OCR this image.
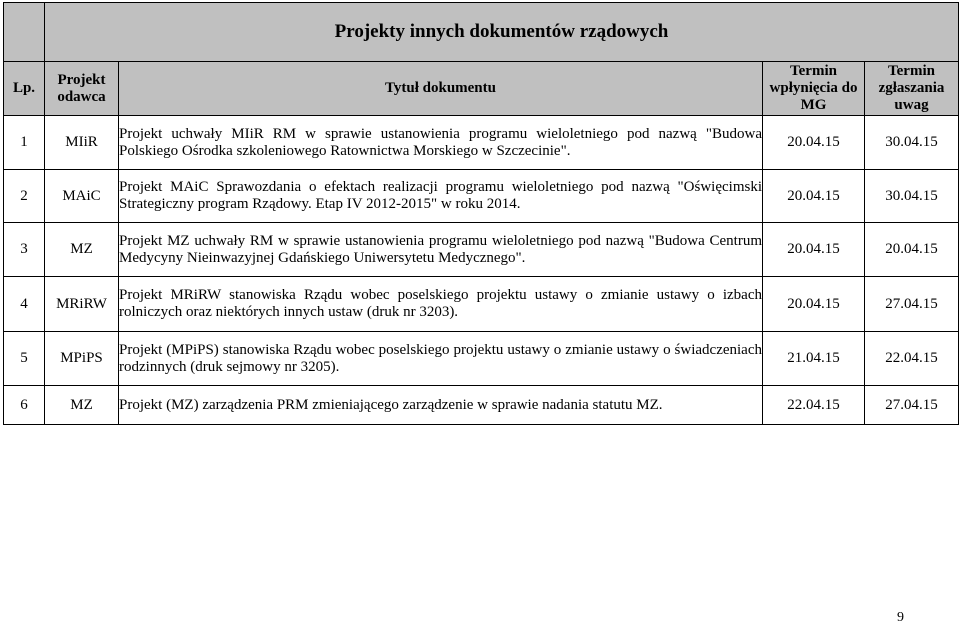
	Projekty innych dokumentów rządowych			
Lp.	Projekt odawca	Tytuł dokumentu	Termin wpłynięcia do MG	Termin zgłaszania uwag
1	MIiR	Projekt uchwały MIiR RM w sprawie ustanowienia programu wieloletniego pod nazwą "Budowa Polskiego Ośrodka szkoleniowego Ratownictwa Morskiego w Szczecinie".	20.04.15	30.04.15
2	MAiC	Projekt MAiC Sprawozdania o efektach realizacji programu wieloletniego pod nazwą "Oświęcimski Strategiczny program Rządowy. Etap IV 2012-2015" w roku 2014.	20.04.15	30.04.15
3	MZ	Projekt MZ uchwały RM w sprawie ustanowienia programu wieloletniego pod nazwą "Budowa Centrum Medycyny Nieinwazyjnej Gdańskiego Uniwersytetu Medycznego".	20.04.15	20.04.15
4	MRiRW	Projekt MRiRW stanowiska Rządu wobec poselskiego projektu ustawy o zmianie ustawy o izbach rolniczych oraz niektórych innych ustaw (druk nr 3203).	20.04.15	27.04.15
5	MPiPS	Projekt (MPiPS) stanowiska Rządu wobec poselskiego projektu ustawy o zmianie ustawy o świadczeniach rodzinnych (druk sejmowy nr 3205).	21.04.15	22.04.15
6	MZ	Projekt (MZ) zarządzenia PRM zmieniającego zarządzenie w sprawie nadania statutu MZ.	22.04.15	27.04.15
9
